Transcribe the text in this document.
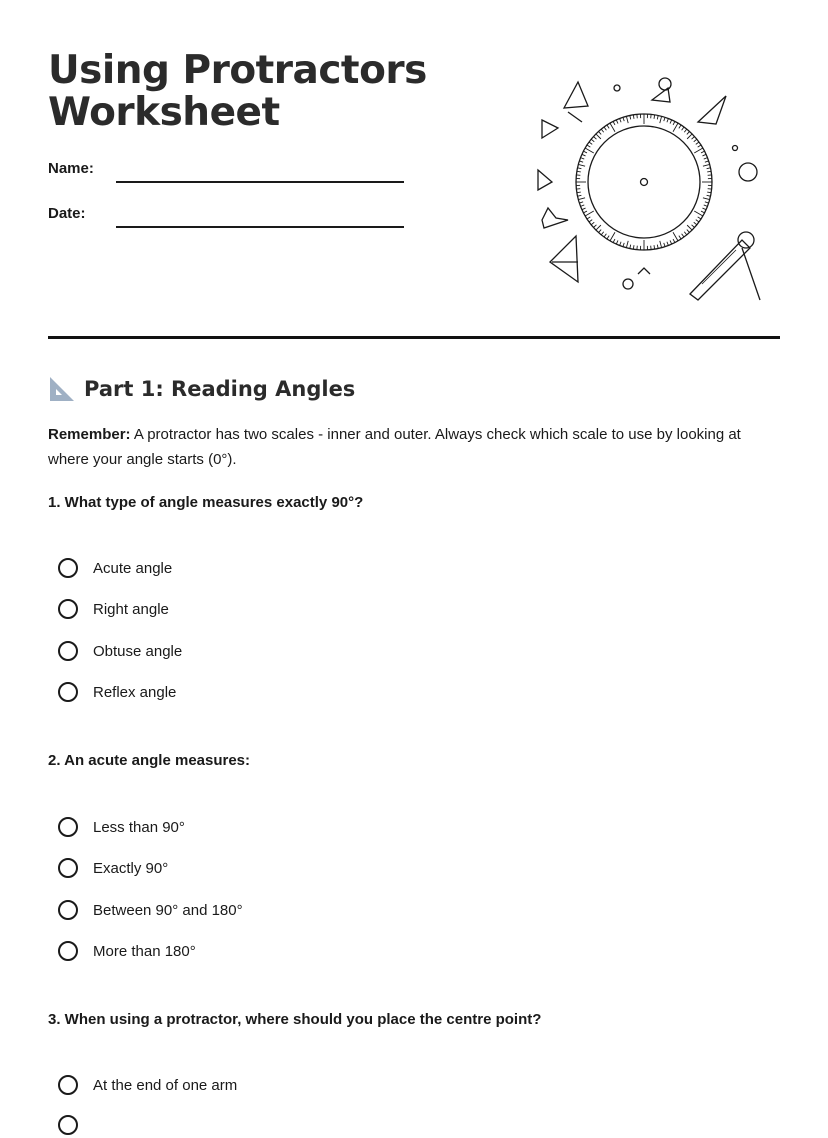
Using Protractors
Worksheet
Name:
Date:
Part 1: Reading Angles
Remember: A protractor has two scales - inner and outer. Always check which scale to use by looking at where your angle starts (0°).
1. What type of angle measures exactly 90°?
Acute angle
Right angle
Obtuse angle
Reflex angle
2. An acute angle measures:
Less than 90°
Exactly 90°
Between 90° and 180°
More than 180°
3. When using a protractor, where should you place the centre point?
At the end of one arm
